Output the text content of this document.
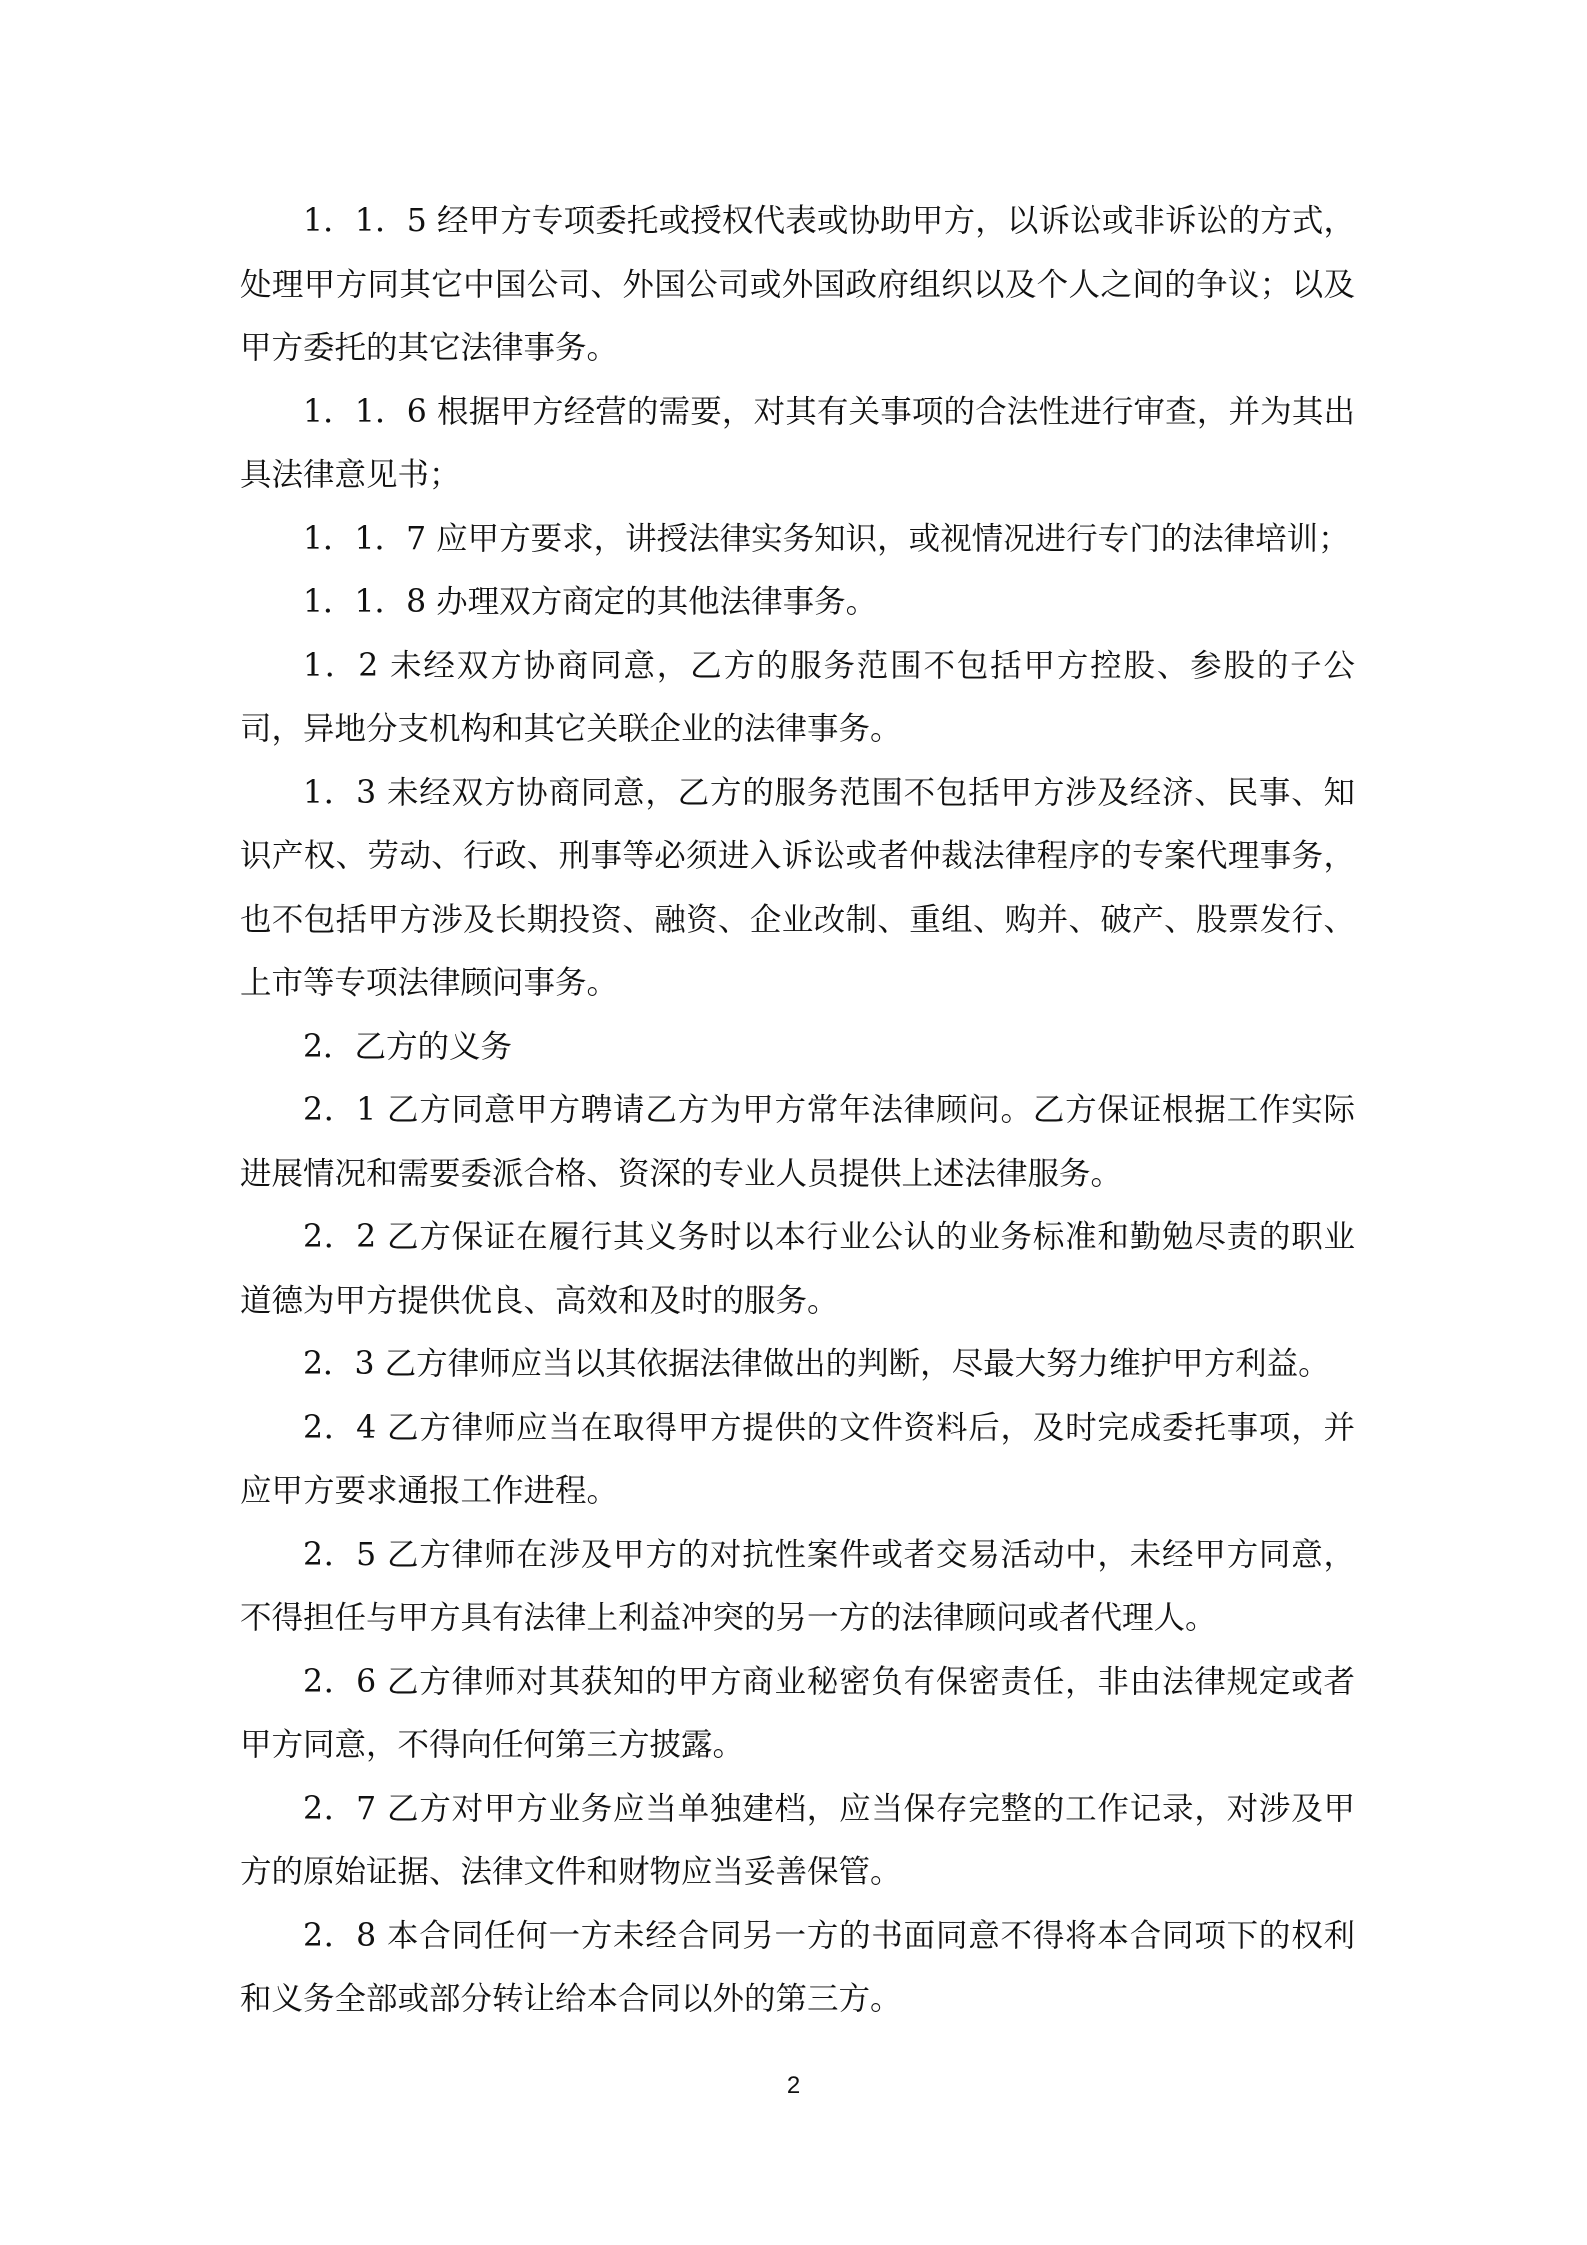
1．1．5 经甲方专项委托或授权代表或协助甲方，以诉讼或非诉讼的方式，处理甲方同其它中国公司、外国公司或外国政府组织以及个人之间的争议；以及甲方委托的其它法律事务。

1．1．6 根据甲方经营的需要，对其有关事项的合法性进行审查，并为其出具法律意见书；

1．1．7 应甲方要求，讲授法律实务知识，或视情况进行专门的法律培训；

1．1．8 办理双方商定的其他法律事务。

1．2 未经双方协商同意，乙方的服务范围不包括甲方控股、参股的子公司，异地分支机构和其它关联企业的法律事务。

1．3 未经双方协商同意，乙方的服务范围不包括甲方涉及经济、民事、知识产权、劳动、行政、刑事等必须进入诉讼或者仲裁法律程序的专案代理事务，也不包括甲方涉及长期投资、融资、企业改制、重组、购并、破产、股票发行、上市等专项法律顾问事务。

2．乙方的义务

2．1 乙方同意甲方聘请乙方为甲方常年法律顾问。乙方保证根据工作实际进展情况和需要委派合格、资深的专业人员提供上述法律服务。

2．2 乙方保证在履行其义务时以本行业公认的业务标准和勤勉尽责的职业道德为甲方提供优良、高效和及时的服务。

2．3 乙方律师应当以其依据法律做出的判断，尽最大努力维护甲方利益。

2．4 乙方律师应当在取得甲方提供的文件资料后，及时完成委托事项，并应甲方要求通报工作进程。

2．5 乙方律师在涉及甲方的对抗性案件或者交易活动中，未经甲方同意，不得担任与甲方具有法律上利益冲突的另一方的法律顾问或者代理人。

2．6 乙方律师对其获知的甲方商业秘密负有保密责任，非由法律规定或者甲方同意，不得向任何第三方披露。

2．7 乙方对甲方业务应当单独建档，应当保存完整的工作记录，对涉及甲方的原始证据、法律文件和财物应当妥善保管。

2．8 本合同任何一方未经合同另一方的书面同意不得将本合同项下的权利和义务全部或部分转让给本合同以外的第三方。

2
